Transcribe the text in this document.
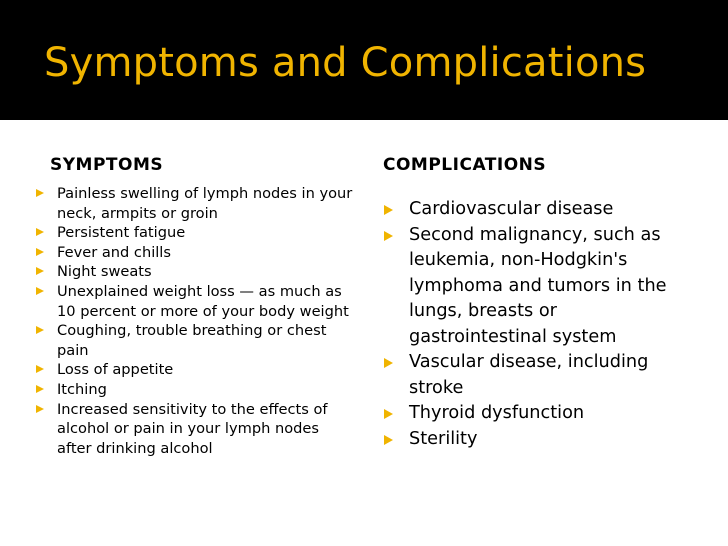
Symptoms and Complications
SYMPTOMS	COMPLICATIONS
Painless swelling of lymph nodes in your neck, armpits or groin
Persistent fatigue
Fever and chills
Night sweats
Unexplained weight loss — as much as 10 percent or more of your body weight
Coughing, trouble breathing or chest pain
Loss of appetite
Itching
Increased sensitivity to the effects of alcohol or pain in your lymph nodes after drinking alcohol
Cardiovascular disease
Second malignancy, such as leukemia, non-Hodgkin's lymphoma and tumors in the lungs, breasts or gastrointestinal system
Vascular disease, including stroke
Thyroid dysfunction
Sterility
